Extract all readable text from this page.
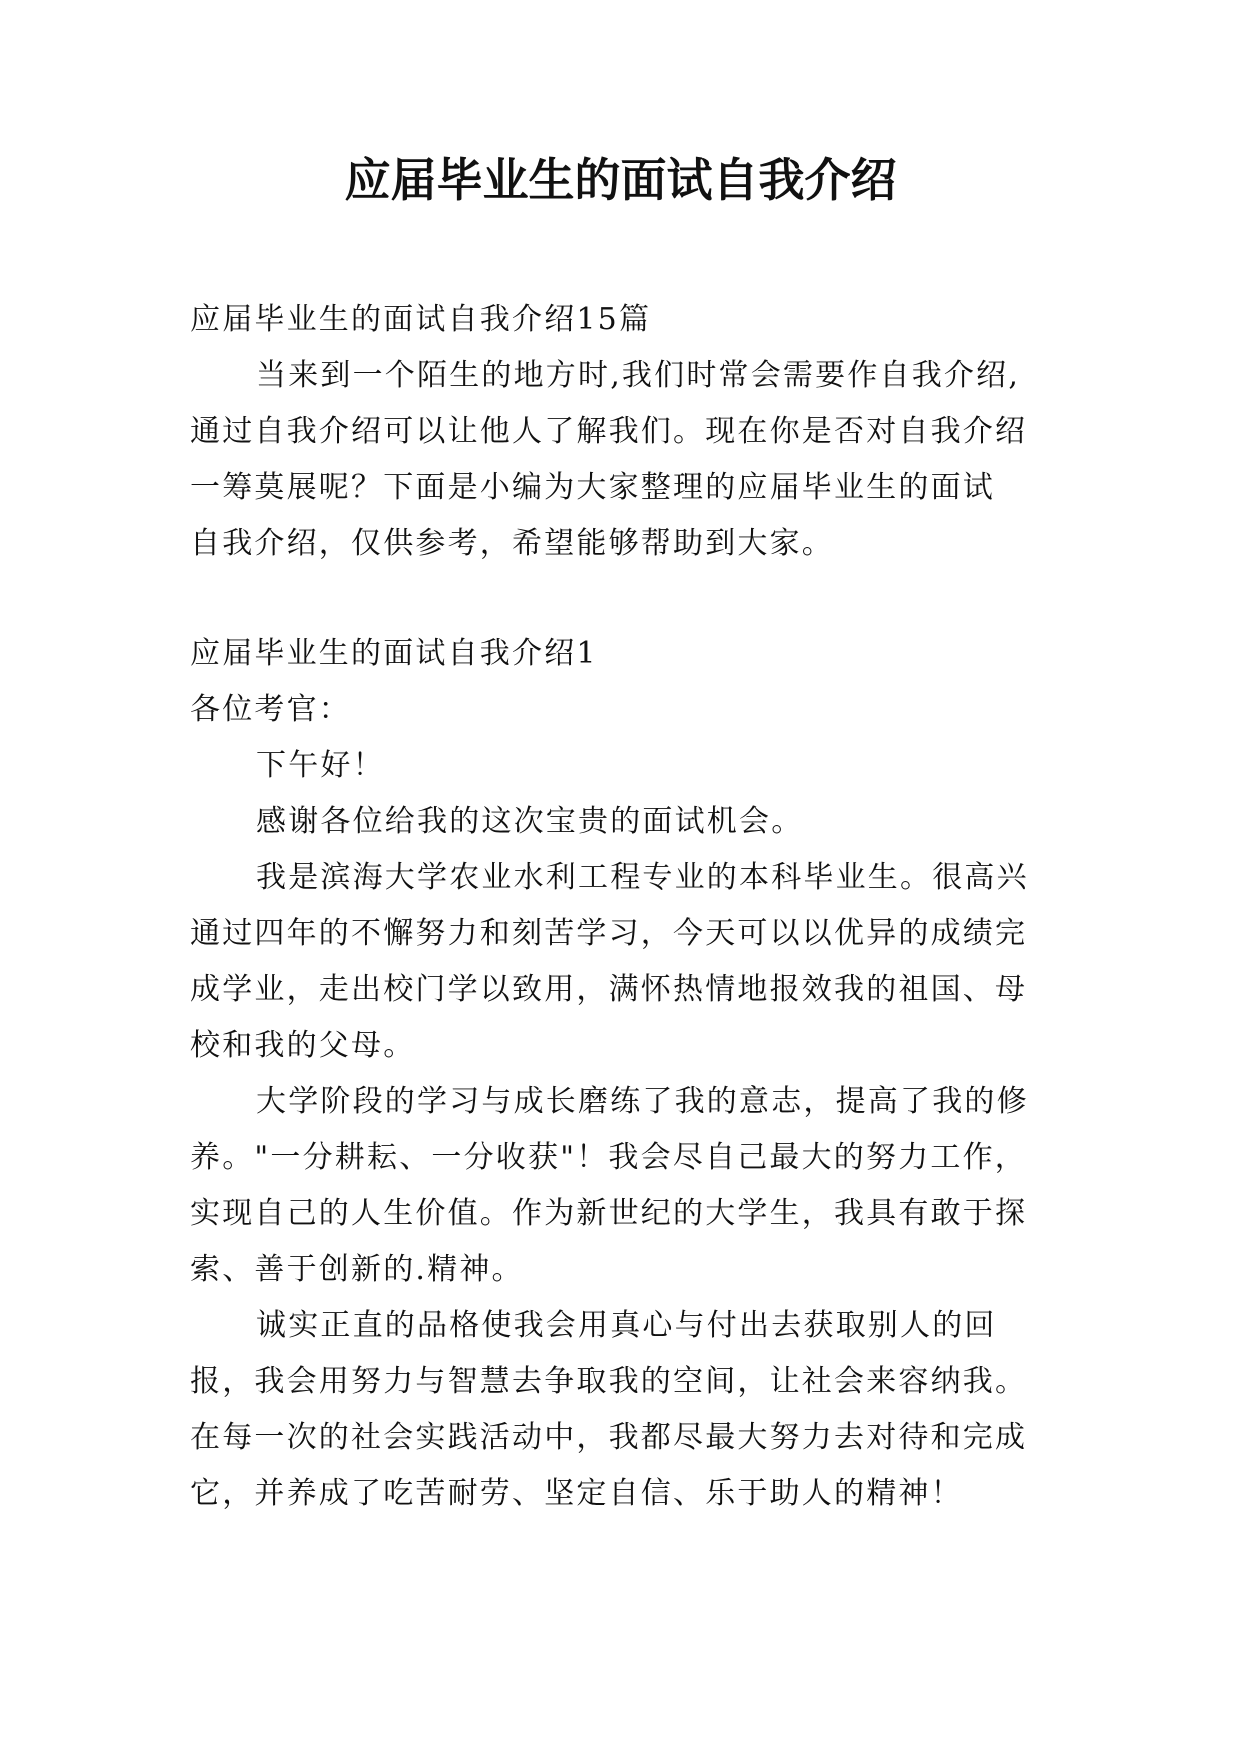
应届毕业生的面试自我介绍
应届毕业生的面试自我介绍15篇
当来到一个陌生的地方时,我们时常会需要作自我介绍,
通过自我介绍可以让他人了解我们。现在你是否对自我介绍
一筹莫展呢？下面是小编为大家整理的应届毕业生的面试
自我介绍，仅供参考，希望能够帮助到大家。
应届毕业生的面试自我介绍1
各位考官：
下午好！
感谢各位给我的这次宝贵的面试机会。
我是滨海大学农业水利工程专业的本科毕业生。很高兴
通过四年的不懈努力和刻苦学习，今天可以以优异的成绩完
成学业，走出校门学以致用，满怀热情地报效我的祖国、母
校和我的父母。
大学阶段的学习与成长磨练了我的意志，提高了我的修
养。"一分耕耘、一分收获"！我会尽自己最大的努力工作，
实现自己的人生价值。作为新世纪的大学生，我具有敢于探
索、善于创新的.精神。
诚实正直的品格使我会用真心与付出去获取别人的回
报，我会用努力与智慧去争取我的空间，让社会来容纳我。
在每一次的社会实践活动中，我都尽最大努力去对待和完成
它，并养成了吃苦耐劳、坚定自信、乐于助人的精神！
